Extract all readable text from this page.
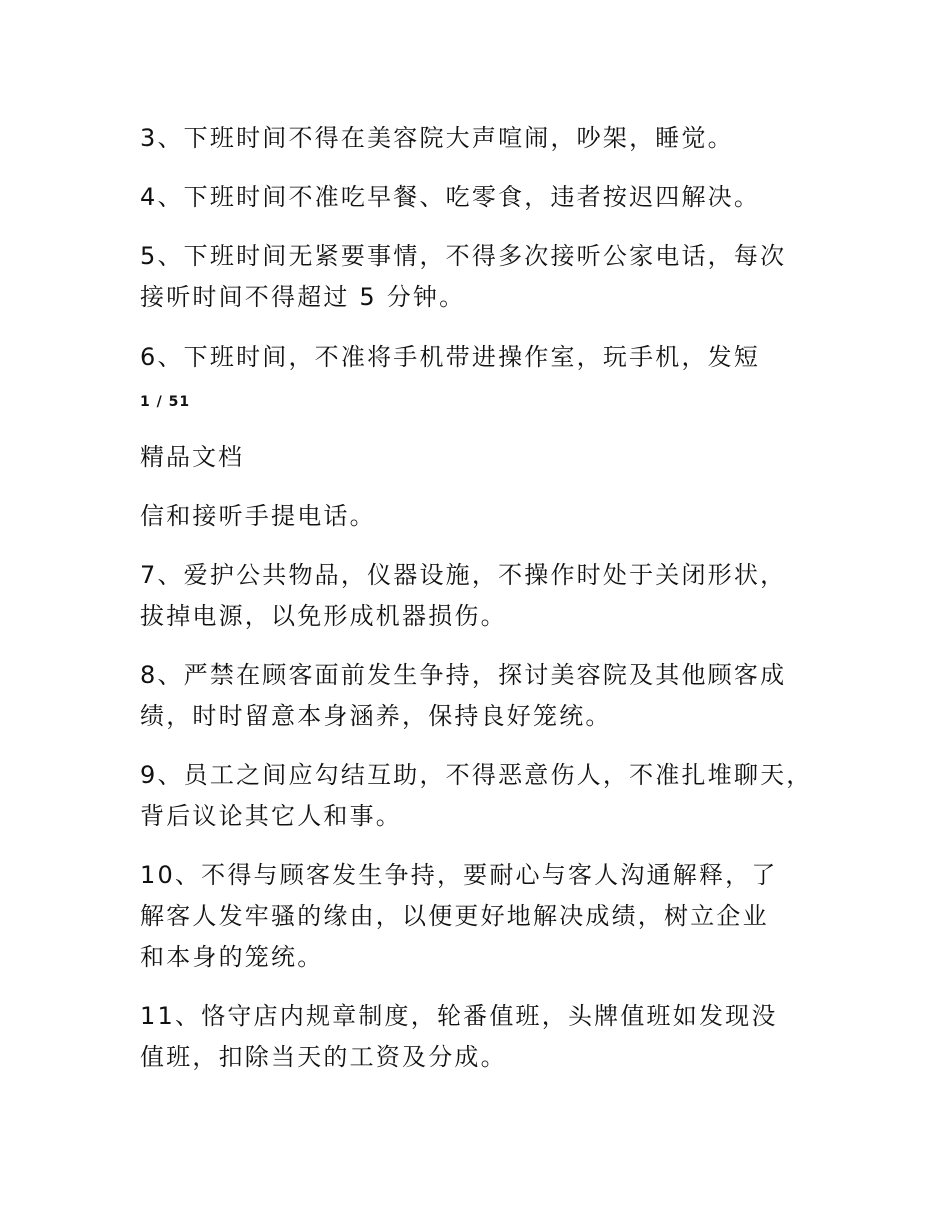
3、下班时间不得在美容院大声喧闹，吵架，睡觉。
4、下班时间不准吃早餐、吃零食，违者按迟四解决。
5、下班时间无紧要事情，不得多次接听公家电话，每次
接听时间不得超过 5 分钟。
6、下班时间，不准将手机带进操作室，玩手机，发短
1 / 51
精品文档
信和接听手提电话。
7、爱护公共物品，仪器设施，不操作时处于关闭形状，
拔掉电源，以免形成机器损伤。
8、严禁在顾客面前发生争持，探讨美容院及其他顾客成
绩，时时留意本身涵养，保持良好笼统。
9、员工之间应勾结互助，不得恶意伤人，不准扎堆聊天，
背后议论其它人和事。
10、不得与顾客发生争持，要耐心与客人沟通解释，了
解客人发牢骚的缘由，以便更好地解决成绩，树立企业
和本身的笼统。
11、恪守店内规章制度，轮番值班，头牌值班如发现没
值班，扣除当天的工资及分成。
